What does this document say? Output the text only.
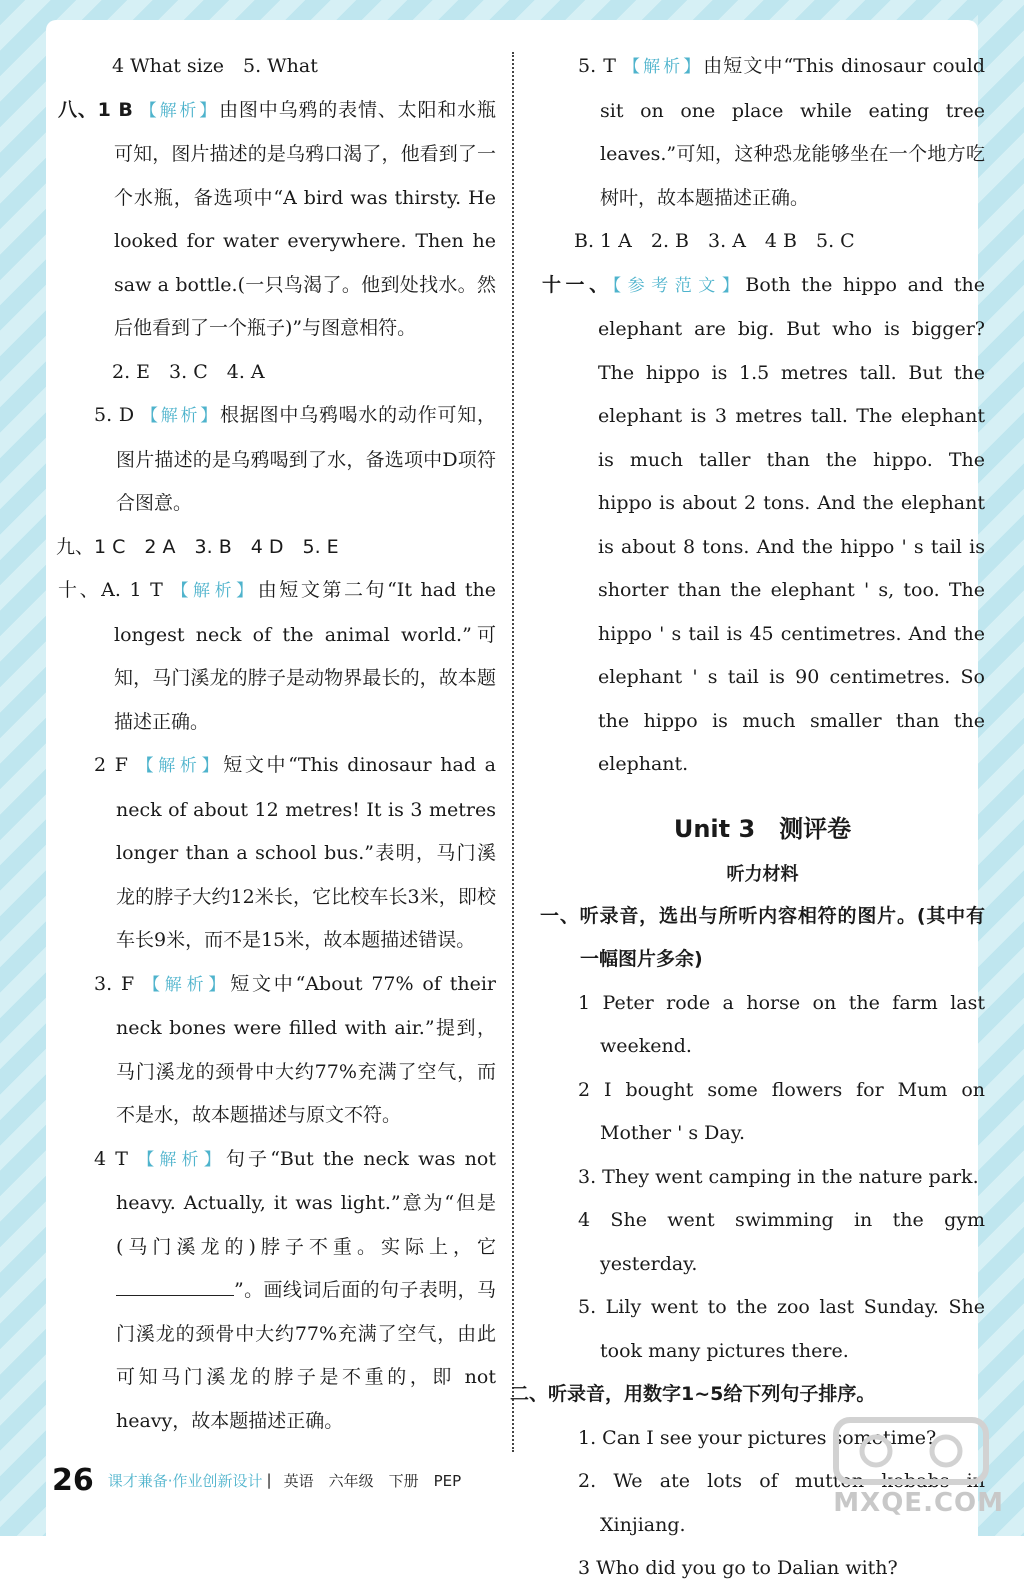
4 What size　5. What

八、1 B 【解析】由图中乌鸦的表情、太阳和水瓶可知，图片描述的是乌鸦口渴了，他看到了一个水瓶，备选项中“A bird was thirsty. He looked for water everywhere. Then he saw a bottle.(一只鸟渴了。他到处找水。然后他看到了一个瓶子)”与图意相符。

2. E　3. C　4. A

5. D 【解析】根据图中乌鸦喝水的动作可知，图片描述的是乌鸦喝到了水，备选项中D项符合图意。

九、1 C　2 A　3. B　4 D　5. E

十、A. 1 T 【解析】由短文第二句“It had the longest neck of the animal world.”可知，马门溪龙的脖子是动物界最长的，故本题描述正确。

2 F 【解析】短文中“This dinosaur had a neck of about 12 metres! It is 3 metres longer than a school bus.”表明，马门溪龙的脖子大约12米长，它比校车长3米，即校车长9米，而不是15米，故本题描述错误。

3. F 【解析】短文中“About 77% of their neck bones were filled with air.”提到，马门溪龙的颈骨中大约77%充满了空气，而不是水，故本题描述与原文不符。

4 T 【解析】句子“But the neck was not heavy. Actually, it was light.”意为“但是(马门溪龙的)脖子不重。实际上，它”。画线词后面的句子表明，马门溪龙的颈骨中大约77%充满了空气，由此可知马门溪龙的脖子是不重的，即 not heavy，故本题描述正确。

5. T 【解析】由短文中“This dinosaur could sit on one place while eating tree leaves.”可知，这种恐龙能够坐在一个地方吃树叶，故本题描述正确。

B. 1 A　2. B　3. A　4 B　5. C

十一、【参考范文】Both the hippo and the elephant are big. But who is bigger? The hippo is 1.5 metres tall. But the elephant is 3 metres tall. The elephant is much taller than the hippo. The hippo is about 2 tons. And the elephant is about 8 tons. And the hippo ' s tail is shorter than the elephant ' s, too. The hippo ' s tail is 45 centimetres. And the elephant ' s tail is 90 centimetres. So the hippo is much smaller than the elephant.

Unit 3　测评卷
听力材料

一、听录音，选出与所听内容相符的图片。(其中有一幅图片多余)

1 Peter rode a horse on the farm last weekend.

2 I bought some flowers for Mum on Mother ' s Day.

3. They went camping in the nature park.

4 She went swimming in the gym yesterday.

5. Lily went to the zoo last Sunday. She took many pictures there.

二、听录音，用数字1~5给下列句子排序。

1. Can I see your pictures sometime?

2. We ate lots of mutton kebabs in Xinjiang.

3 Who did you go to Dalian with?

26 课才兼备·作业创新设计 | 英语　六年级　下册　PEP
MXQE.COM
